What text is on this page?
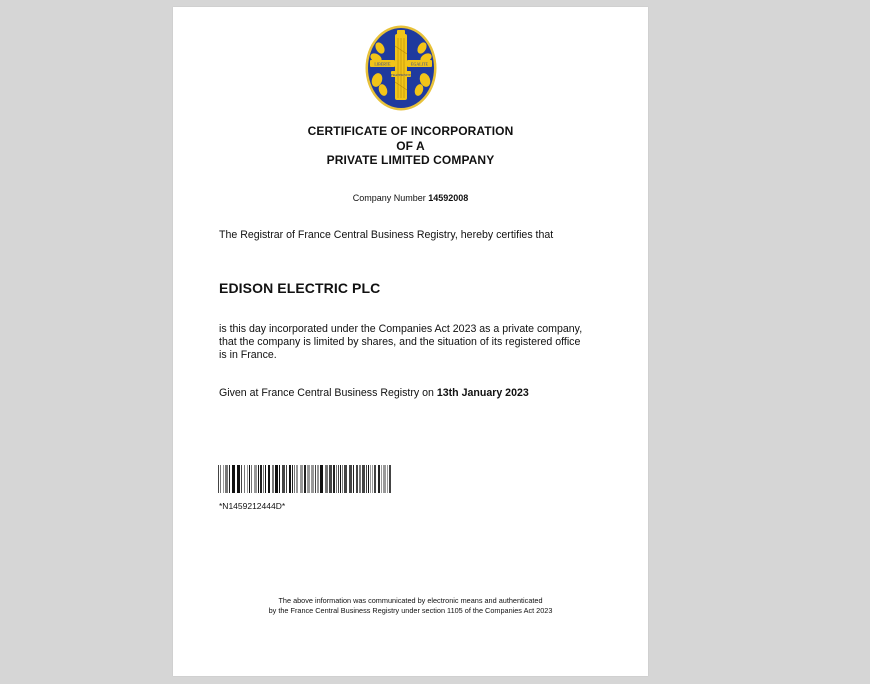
LIBERTE	EGALITE
FRATERNITE
CERTIFICATE OF INCORPORATION
OF A
PRIVATE LIMITED COMPANY
Company Number 14592008
The Registrar of France Central Business Registry, hereby certifies that
EDISON ELECTRIC PLC
is this day incorporated under the Companies Act 2023 as a private company, that the company is limited by shares, and the situation of its registered office is in France.
Given at France Central Business Registry on 13th January 2023
*N1459212444D*
The above information was communicated by electronic means and authenticated
by the France Central Business Registry under section 1105 of the Companies Act 2023
